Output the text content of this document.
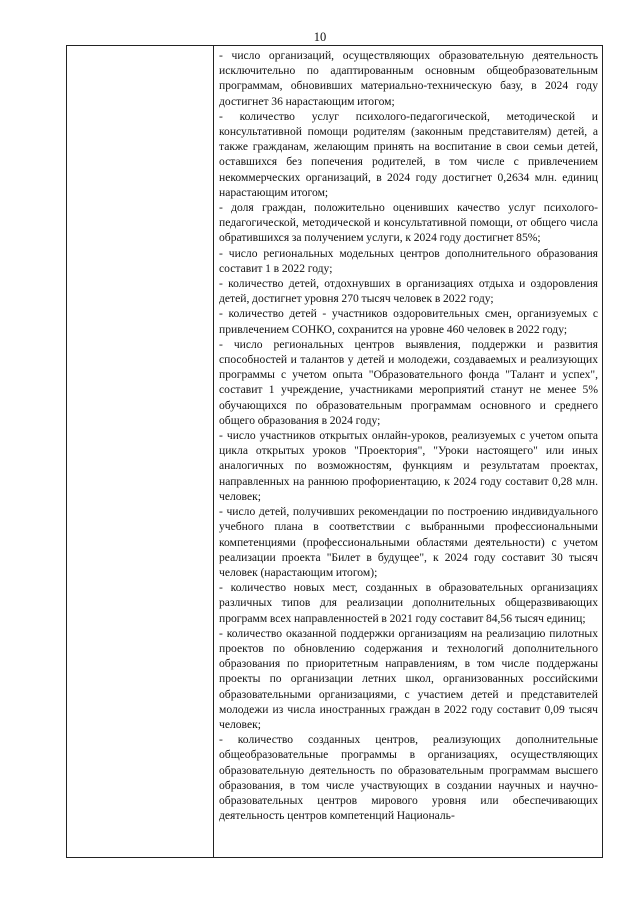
10

- число организаций, осуществляющих образовательную деятельность исключительно по адаптированным основным общеобразовательным программам, обновивших материально-техническую базу, в 2024 году достигнет 36 нарастающим итогом;

- количество услуг психолого-педагогической, методической и консультативной помощи родителям (законным представителям) детей, а также гражданам, желающим принять на воспитание в свои семьи детей, оставшихся без попечения родителей, в том числе с привлечением некоммерческих организаций, в 2024 году достигнет 0,2634 млн. единиц нарастающим итогом;

- доля граждан, положительно оценивших качество услуг психолого-педагогической, методической и консультативной помощи, от общего числа обратившихся за получением услуги, к 2024 году достигнет 85%;

- число региональных модельных центров дополнительного образования составит 1 в 2022 году;

- количество детей, отдохнувших в организациях отдыха и оздоровления детей, достигнет уровня 270 тысяч человек в 2022 году;

- количество детей - участников оздоровительных смен, организуемых с привлечением СОНКО, сохранится на уровне 460 человек в 2022 году;

- число региональных центров выявления, поддержки и развития способностей и талантов у детей и молодежи, создаваемых и реализующих программы с учетом опыта "Образовательного фонда "Талант и успех", составит 1 учреждение, участниками мероприятий станут не менее 5% обучающихся по образовательным программам основного и среднего общего образования в 2024 году;

- число участников открытых онлайн-уроков, реализуемых с учетом опыта цикла открытых уроков "Проектория", "Уроки настоящего" или иных аналогичных по возможностям, функциям и результатам проектах, направленных на раннюю профориентацию, к 2024 году составит 0,28 млн. человек;

- число детей, получивших рекомендации по построению индивидуального учебного плана в соответствии с выбранными профессиональными компетенциями (профессиональными областями деятельности) с учетом реализации проекта "Билет в будущее", к 2024 году составит 30 тысяч человек (нарастающим итогом);

- количество новых мест, созданных в образовательных организациях различных типов для реализации дополнительных общеразвивающих программ всех направленностей в 2021 году составит 84,56 тысяч единиц;

- количество оказанной поддержки организациям на реализацию пилотных проектов по обновлению содержания и технологий дополнительного образования по приоритетным направлениям, в том числе поддержаны проекты по организации летних школ, организованных российскими образовательными организациями, с участием детей и представителей молодежи из числа иностранных граждан в 2022 году составит 0,09 тысяч человек;

- количество созданных центров, реализующих дополнительные общеобразовательные программы в организациях, осуществляющих образовательную деятельность по образовательным программам высшего образования, в том числе участвующих в создании научных и научно-образовательных центров мирового уровня или обеспечивающих деятельность центров компетенций Националь-
